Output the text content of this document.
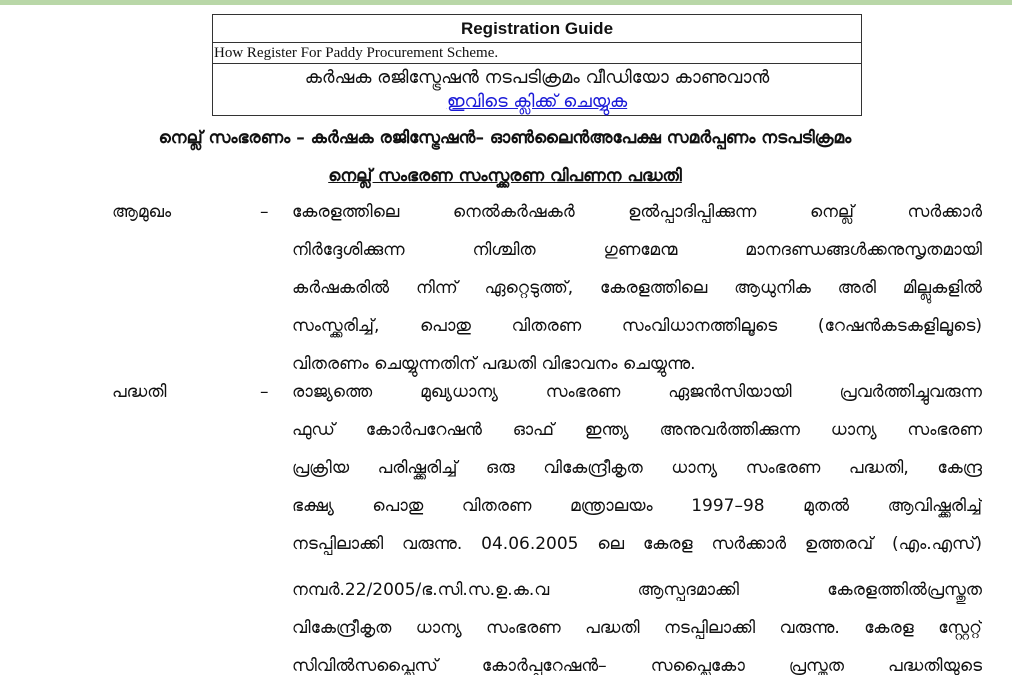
Registration Guide
How Register For Paddy Procurement Scheme.
കർഷക രജിസ്ട്രേഷൻ നടപടിക്രമം വീഡിയോ കാണുവാൻ
ഇവിടെ ക്ലിക്ക് ചെയ്യുക
നെല്ല് സംഭരണം – കർഷക രജിസ്ട്രേഷൻ– ഓൺലൈൻഅപേക്ഷ സമർപ്പണം നടപടിക്രമം
നെല്ല് സംഭരണ സംസ്ക്കരണ വിപണന പദ്ധതി
ആമുഖം	– കേരളത്തിലെ നെൽകർഷകർ ഉൽപ്പാദിപ്പിക്കുന്ന നെല്ല് സർക്കാർ
നിർദ്ദേശിക്കുന്ന നിശ്ചിത ഗുണമേന്മ മാനദണ്ഡങ്ങൾക്കനുസൃതമായി
കർഷകരിൽ നിന്ന് ഏറ്റെടുത്ത്, കേരളത്തിലെ ആധുനിക അരി മില്ലുകളിൽ
സംസ്ക്കരിച്ച്, പൊതു വിതരണ സംവിധാനത്തിലൂടെ (റേഷൻകടകളിലൂടെ)
വിതരണം ചെയ്യുന്നതിന് പദ്ധതി വിഭാവനം ചെയ്യുന്നു.
പദ്ധതി	– രാജ്യത്തെ മുഖ്യധാന്യ സംഭരണ ഏജൻസിയായി പ്രവർത്തിച്ചുവരുന്ന
ഫുഡ് കോർപറേഷൻ ഓഫ് ഇന്ത്യ അനുവർത്തിക്കുന്ന ധാന്യ സംഭരണ
പ്രക്രിയ പരിഷ്ക്കരിച്ച് ഒരു വികേന്ദ്രീകൃത ധാന്യ സംഭരണ പദ്ധതി, കേന്ദ്ര
ഭക്ഷ്യ പൊതു വിതരണ മന്ത്രാലയം 1997–98 മുതൽ ആവിഷ്ക്കരിച്ച്
നടപ്പിലാക്കി വരുന്നു. 04.06.2005 ലെ കേരള സർക്കാർ ഉത്തരവ് (എം.എസ്)
നമ്പർ.22/2005/ഭ.സി.സ.ഉ.ക.വ ആസ്പദമാക്കി കേരളത്തിൽപ്രസ്തുത
വികേന്ദ്രീകൃത ധാന്യ സംഭരണ പദ്ധതി നടപ്പിലാക്കി വരുന്നു. കേരള സ്റ്റേറ്റ്
സിവിൽസപ്ലൈസ് കോർപ്പറേഷൻ– സപ്ലൈകോ പ്രസ്തുത പദ്ധതിയുടെ
